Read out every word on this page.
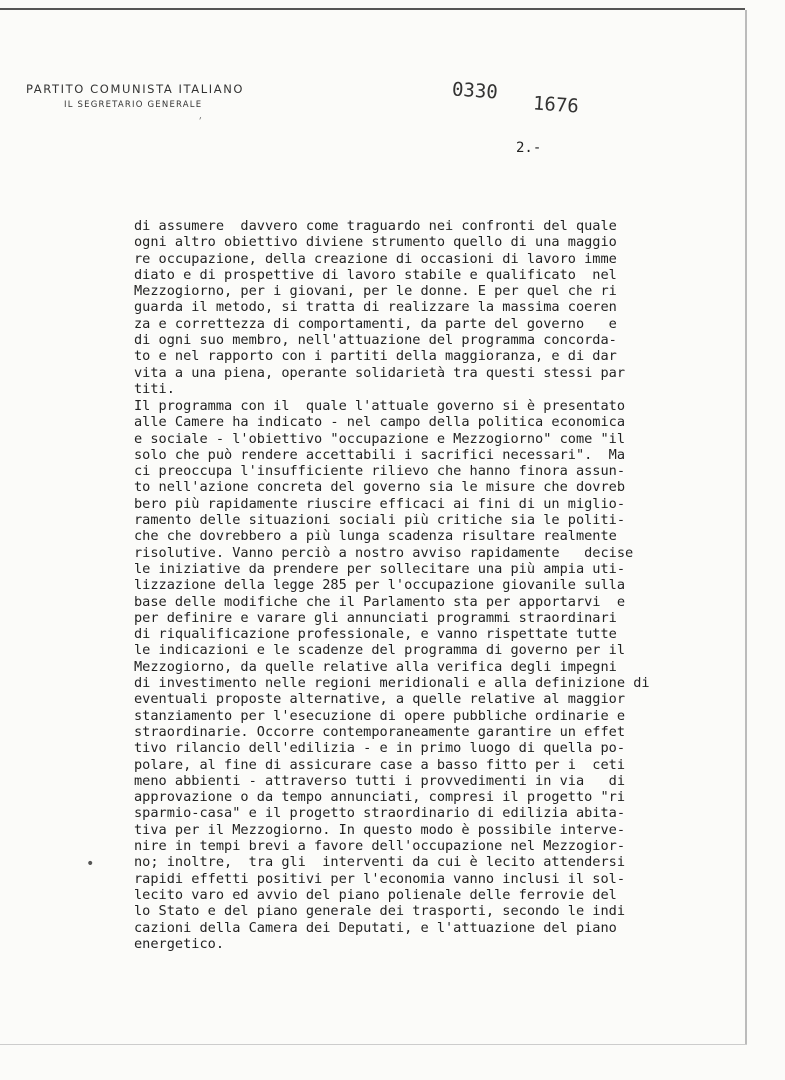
PARTITO COMUNISTA ITALIANO
IL SEGRETARIO GENERALE
´
0330
1676
2.-
di assumere  davvero come traguardo nei confronti del quale
ogni altro obiettivo diviene strumento quello di una maggio
re occupazione, della creazione di occasioni di lavoro imme
diato e di prospettive di lavoro stabile e qualificato  nel
Mezzogiorno, per i giovani, per le donne. E per quel che ri
guarda il metodo, si tratta di realizzare la massima coeren
za e correttezza di comportamenti, da parte del governo   e
di ogni suo membro, nell'attuazione del programma concorda-
to e nel rapporto con i partiti della maggioranza, e di dar
vita a una piena, operante solidarietà tra questi stessi par
titi.
Il programma con il  quale l'attuale governo si è presentato
alle Camere ha indicato - nel campo della politica economica
e sociale - l'obiettivo "occupazione e Mezzogiorno" come "il
solo che può rendere accettabili i sacrifici necessari".  Ma
ci preoccupa l'insufficiente rilievo che hanno finora assun-
to nell'azione concreta del governo sia le misure che dovreb
bero più rapidamente riuscire efficaci ai fini di un miglio-
ramento delle situazioni sociali più critiche sia le politi-
che che dovrebbero a più lunga scadenza risultare realmente
risolutive. Vanno perciò a nostro avviso rapidamente   decise
le iniziative da prendere per sollecitare una più ampia uti-
lizzazione della legge 285 per l'occupazione giovanile sulla
base delle modifiche che il Parlamento sta per apportarvi  e
per definire e varare gli annunciati programmi straordinari
di riqualificazione professionale, e vanno rispettate tutte
le indicazioni e le scadenze del programma di governo per il
Mezzogiorno, da quelle relative alla verifica degli impegni
di investimento nelle regioni meridionali e alla definizione di
eventuali proposte alternative, a quelle relative al maggior
stanziamento per l'esecuzione di opere pubbliche ordinarie e
straordinarie. Occorre contemporaneamente garantire un effet
tivo rilancio dell'edilizia - e in primo luogo di quella po-
polare, al fine di assicurare case a basso fitto per i  ceti
meno abbienti - attraverso tutti i provvedimenti in via   di
approvazione o da tempo annunciati, compresi il progetto "ri
sparmio-casa" e il progetto straordinario di edilizia abita-
tiva per il Mezzogiorno. In questo modo è possibile interve-
nire in tempi brevi a favore dell'occupazione nel Mezzogior-
no; inoltre,  tra gli  interventi da cui è lecito attendersi
rapidi effetti positivi per l'economia vanno inclusi il sol-
lecito varo ed avvio del piano polienale delle ferrovie del
lo Stato e del piano generale dei trasporti, secondo le indi
cazioni della Camera dei Deputati, e l'attuazione del piano
energetico.
•
